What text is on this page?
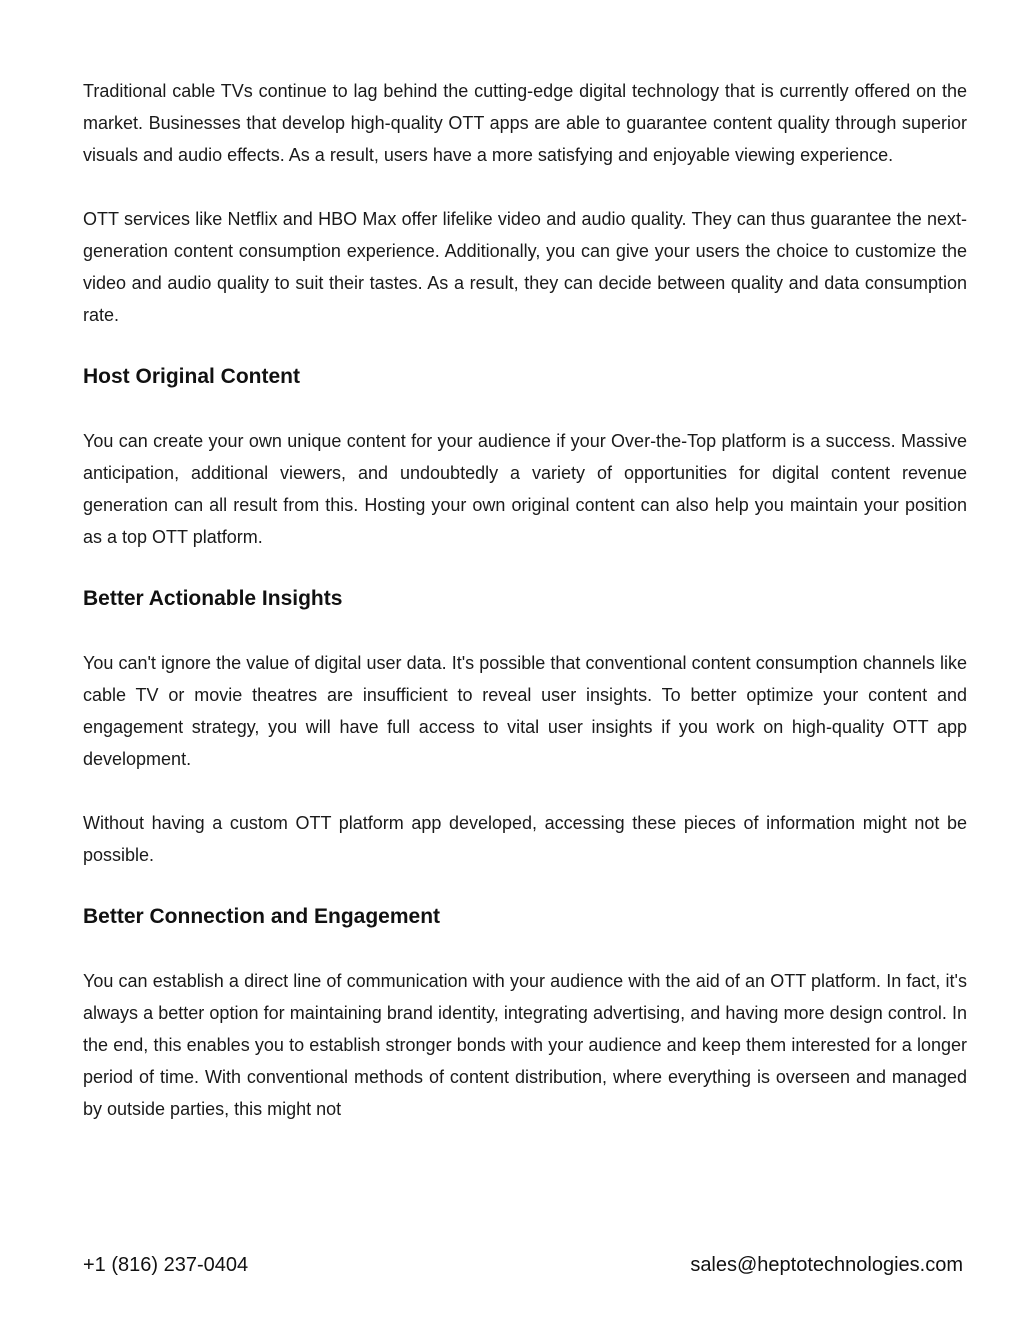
Traditional cable TVs continue to lag behind the cutting-edge digital technology that is currently offered on the market. Businesses that develop high-quality OTT apps are able to guarantee content quality through superior visuals and audio effects. As a result, users have a more satisfying and enjoyable viewing experience.

OTT services like Netflix and HBO Max offer lifelike video and audio quality. They can thus guarantee the next-generation content consumption experience. Additionally, you can give your users the choice to customize the video and audio quality to suit their tastes. As a result, they can decide between quality and data consumption rate.

Host Original Content

You can create your own unique content for your audience if your Over-the-Top platform is a success. Massive anticipation, additional viewers, and undoubtedly a variety of opportunities for digital content revenue generation can all result from this. Hosting your own original content can also help you maintain your position as a top OTT platform.

Better Actionable Insights

You can't ignore the value of digital user data. It's possible that conventional content consumption channels like cable TV or movie theatres are insufficient to reveal user insights. To better optimize your content and engagement strategy, you will have full access to vital user insights if you work on high-quality OTT app development.

Without having a custom OTT platform app developed, accessing these pieces of information might not be possible.

Better Connection and Engagement

You can establish a direct line of communication with your audience with the aid of an OTT platform. In fact, it's always a better option for maintaining brand identity, integrating advertising, and having more design control. In the end, this enables you to establish stronger bonds with your audience and keep them interested for a longer period of time. With conventional methods of content distribution, where everything is overseen and managed by outside parties, this might not

+1 (816) 237-0404	sales@heptotechnologies.com
